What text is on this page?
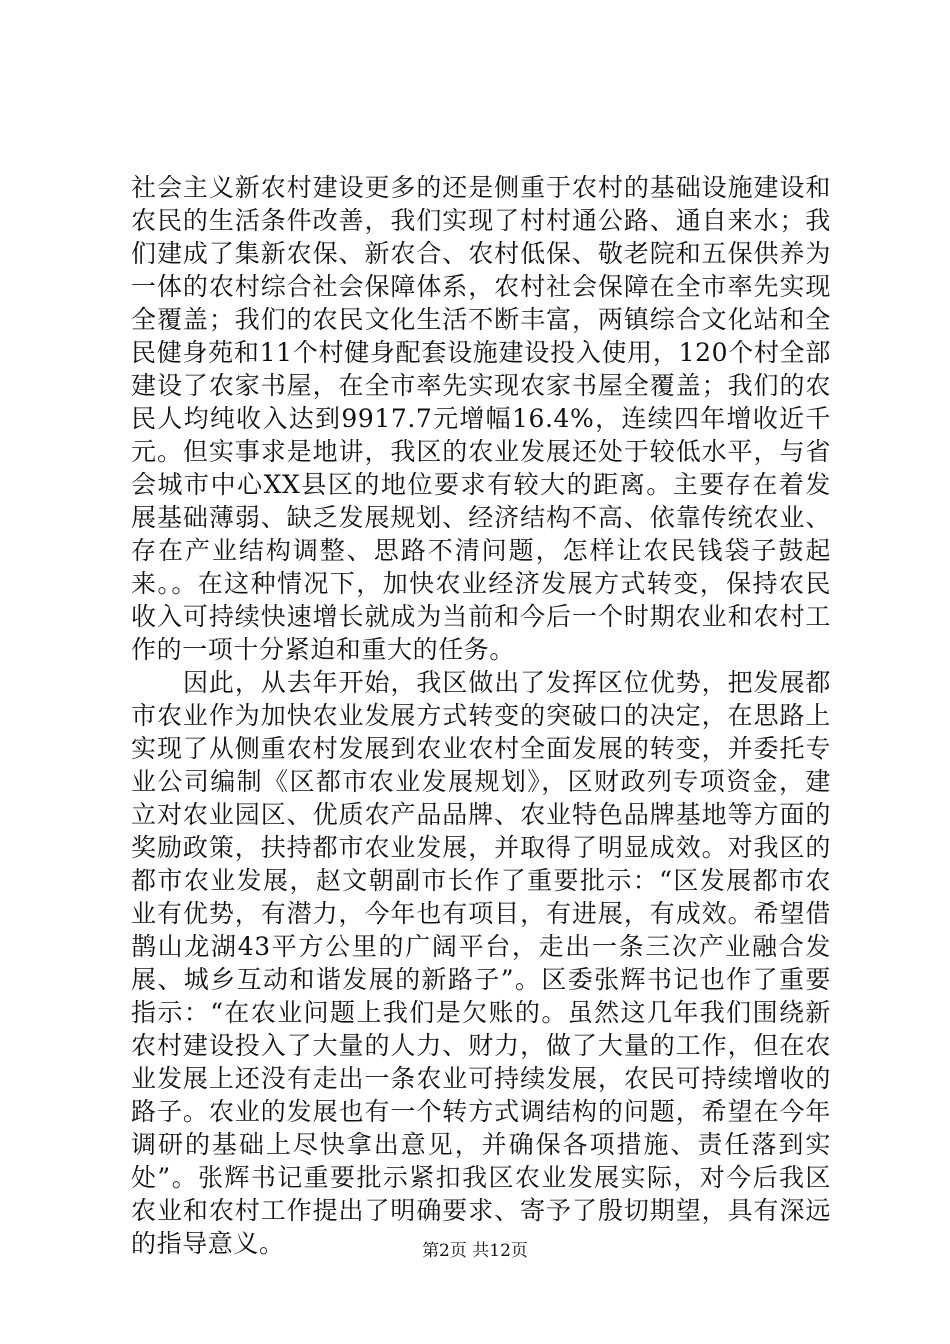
社会主义新农村建设更多的还是侧重于农村的基础设施建设和农民的生活条件改善，我们实现了村村通公路、通自来水；我们建成了集新农保、新农合、农村低保、敬老院和五保供养为一体的农村综合社会保障体系，农村社会保障在全市率先实现全覆盖；我们的农民文化生活不断丰富，两镇综合文化站和全民健身苑和11个村健身配套设施建设投入使用，120个村全部建设了农家书屋，在全市率先实现农家书屋全覆盖；我们的农民人均纯收入达到9917.7元增幅16.4%，连续四年增收近千元。但实事求是地讲，我区的农业发展还处于较低水平，与省会城市中心XX县区的地位要求有较大的距离。主要存在着发展基础薄弱、缺乏发展规划、经济结构不高、依靠传统农业、存在产业结构调整、思路不清问题，怎样让农民钱袋子鼓起来。。在这种情况下，加快农业经济发展方式转变，保持农民收入可持续快速增长就成为当前和今后一个时期农业和农村工作的一项十分紧迫和重大的任务。

因此，从去年开始，我区做出了发挥区位优势，把发展都市农业作为加快农业发展方式转变的突破口的决定，在思路上实现了从侧重农村发展到农业农村全面发展的转变，并委托专业公司编制《区都市农业发展规划》，区财政列专项资金，建立对农业园区、优质农产品品牌、农业特色品牌基地等方面的奖励政策，扶持都市农业发展，并取得了明显成效。对我区的都市农业发展，赵文朝副市长作了重要批示：“区发展都市农业有优势，有潜力，今年也有项目，有进展，有成效。希望借鹊山龙湖43平方公里的广阔平台，走出一条三次产业融合发展、城乡互动和谐发展的新路子”。区委张辉书记也作了重要指示：“在农业问题上我们是欠账的。虽然这几年我们围绕新农村建设投入了大量的人力、财力，做了大量的工作，但在农业发展上还没有走出一条农业可持续发展，农民可持续增收的路子。农业的发展也有一个转方式调结构的问题，希望在今年调研的基础上尽快拿出意见，并确保各项措施、责任落到实处”。张辉书记重要批示紧扣我区农业发展实际，对今后我区农业和农村工作提出了明确要求、寄予了殷切期望，具有深远的指导意义。	第2页 共12页
